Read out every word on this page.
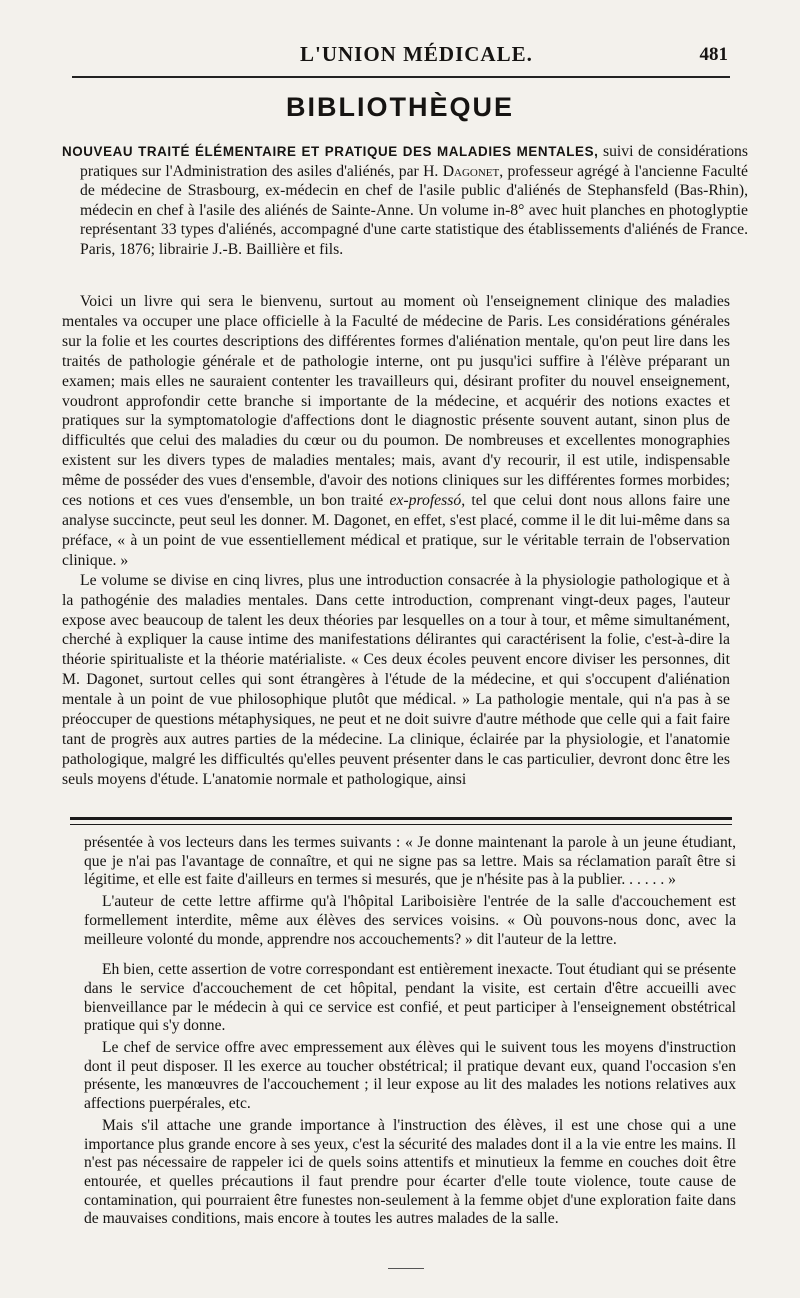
L'UNION MÉDICALE.	481
BIBLIOTHÈQUE
NOUVEAU TRAITÉ ÉLÉMENTAIRE ET PRATIQUE DES MALADIES MENTALES, suivi de considérations pratiques sur l'Administration des asiles d'aliénés, par H. Dagonet, professeur agrégé à l'ancienne Faculté de médecine de Strasbourg, ex-médecin en chef de l'asile public d'aliénés de Stephansfeld (Bas-Rhin), médecin en chef à l'asile des aliénés de Sainte-Anne. Un volume in-8° avec huit planches en photoglyptie représentant 33 types d'aliénés, accompagné d'une carte statistique des établissements d'aliénés de France. Paris, 1876; librairie J.-B. Baillière et fils.

Voici un livre qui sera le bienvenu, surtout au moment où l'enseignement clinique des maladies mentales va occuper une place officielle à la Faculté de médecine de Paris. Les considérations générales sur la folie et les courtes descriptions des différentes formes d'aliénation mentale, qu'on peut lire dans les traités de pathologie générale et de pathologie interne, ont pu jusqu'ici suffire à l'élève préparant un examen; mais elles ne sauraient contenter les travailleurs qui, désirant profiter du nouvel enseignement, voudront approfondir cette branche si importante de la médecine, et acquérir des notions exactes et pratiques sur la symptomatologie d'affections dont le diagnostic présente souvent autant, sinon plus de difficultés que celui des maladies du cœur ou du poumon. De nombreuses et excellentes monographies existent sur les divers types de maladies mentales; mais, avant d'y recourir, il est utile, indispensable même de posséder des vues d'ensemble, d'avoir des notions cliniques sur les différentes formes morbides; ces notions et ces vues d'ensemble, un bon traité ex-professó, tel que celui dont nous allons faire une analyse succincte, peut seul les donner. M. Dagonet, en effet, s'est placé, comme il le dit lui-même dans sa préface, « à un point de vue essentiellement médical et pratique, sur le véritable terrain de l'observation clinique. »

Le volume se divise en cinq livres, plus une introduction consacrée à la physiologie pathologique et à la pathogénie des maladies mentales. Dans cette introduction, comprenant vingt-deux pages, l'auteur expose avec beaucoup de talent les deux théories par lesquelles on a tour à tour, et même simultanément, cherché à expliquer la cause intime des manifestations délirantes qui caractérisent la folie, c'est-à-dire la théorie spiritualiste et la théorie matérialiste. « Ces deux écoles peuvent encore diviser les personnes, dit M. Dagonet, surtout celles qui sont étrangères à l'étude de la médecine, et qui s'occupent d'aliénation mentale à un point de vue philosophique plutôt que médical. » La pathologie mentale, qui n'a pas à se préoccuper de questions métaphysiques, ne peut et ne doit suivre d'autre méthode que celle qui a fait faire tant de progrès aux autres parties de la médecine. La clinique, éclairée par la physiologie, et l'anatomie pathologique, malgré les difficultés qu'elles peuvent présenter dans le cas particulier, devront donc être les seuls moyens d'étude. L'anatomie normale et pathologique, ainsi

présentée à vos lecteurs dans les termes suivants : « Je donne maintenant la parole à un jeune étudiant, que je n'ai pas l'avantage de connaître, et qui ne signe pas sa lettre. Mais sa réclamation paraît être si légitime, et elle est faite d'ailleurs en termes si mesurés, que je n'hésite pas à la publier. . . . . . »

L'auteur de cette lettre affirme qu'à l'hôpital Lariboisière l'entrée de la salle d'accouchement est formellement interdite, même aux élèves des services voisins. « Où pouvons-nous donc, avec la meilleure volonté du monde, apprendre nos accouchements? » dit l'auteur de la lettre.

Eh bien, cette assertion de votre correspondant est entièrement inexacte. Tout étudiant qui se présente dans le service d'accouchement de cet hôpital, pendant la visite, est certain d'être accueilli avec bienveillance par le médecin à qui ce service est confié, et peut participer à l'enseignement obstétrical pratique qui s'y donne.

Le chef de service offre avec empressement aux élèves qui le suivent tous les moyens d'instruction dont il peut disposer. Il les exerce au toucher obstétrical; il pratique devant eux, quand l'occasion s'en présente, les manœuvres de l'accouchement ; il leur expose au lit des malades les notions relatives aux affections puerpérales, etc.

Mais s'il attache une grande importance à l'instruction des élèves, il est une chose qui a une importance plus grande encore à ses yeux, c'est la sécurité des malades dont il a la vie entre les mains. Il n'est pas nécessaire de rappeler ici de quels soins attentifs et minutieux la femme en couches doit être entourée, et quelles précautions il faut prendre pour écarter d'elle toute violence, toute cause de contamination, qui pourraient être funestes non-seulement à la femme objet d'une exploration faite dans de mauvaises conditions, mais encore à toutes les autres malades de la salle.
